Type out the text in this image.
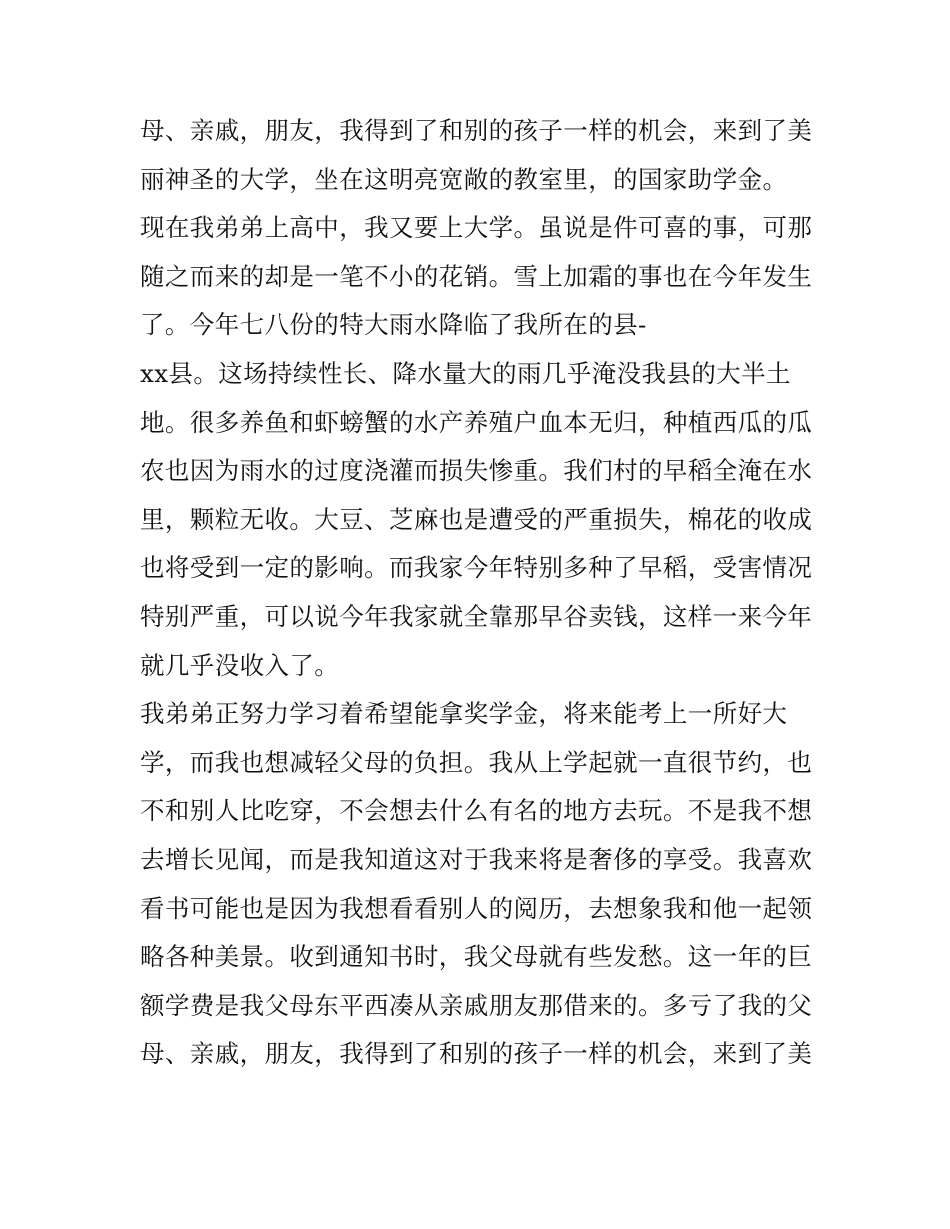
母、亲戚，朋友，我得到了和别的孩子一样的机会，来到了美
丽神圣的大学，坐在这明亮宽敞的教室里，的国家助学金。
现在我弟弟上高中，我又要上大学。虽说是件可喜的事，可那
随之而来的却是一笔不小的花销。雪上加霜的事也在今年发生
了。今年七八份的特大雨水降临了我所在的县-
xx县。这场持续性长、降水量大的雨几乎淹没我县的大半土
地。很多养鱼和虾螃蟹的水产养殖户血本无归，种植西瓜的瓜
农也因为雨水的过度浇灌而损失惨重。我们村的早稻全淹在水
里，颗粒无收。大豆、芝麻也是遭受的严重损失，棉花的收成
也将受到一定的影响。而我家今年特别多种了早稻，受害情况
特别严重，可以说今年我家就全靠那早谷卖钱，这样一来今年
就几乎没收入了。
我弟弟正努力学习着希望能拿奖学金，将来能考上一所好大
学，而我也想减轻父母的负担。我从上学起就一直很节约，也
不和别人比吃穿，不会想去什么有名的地方去玩。不是我不想
去增长见闻，而是我知道这对于我来将是奢侈的享受。我喜欢
看书可能也是因为我想看看别人的阅历，去想象我和他一起领
略各种美景。收到通知书时，我父母就有些发愁。这一年的巨
额学费是我父母东平西凑从亲戚朋友那借来的。多亏了我的父
母、亲戚，朋友，我得到了和别的孩子一样的机会，来到了美
